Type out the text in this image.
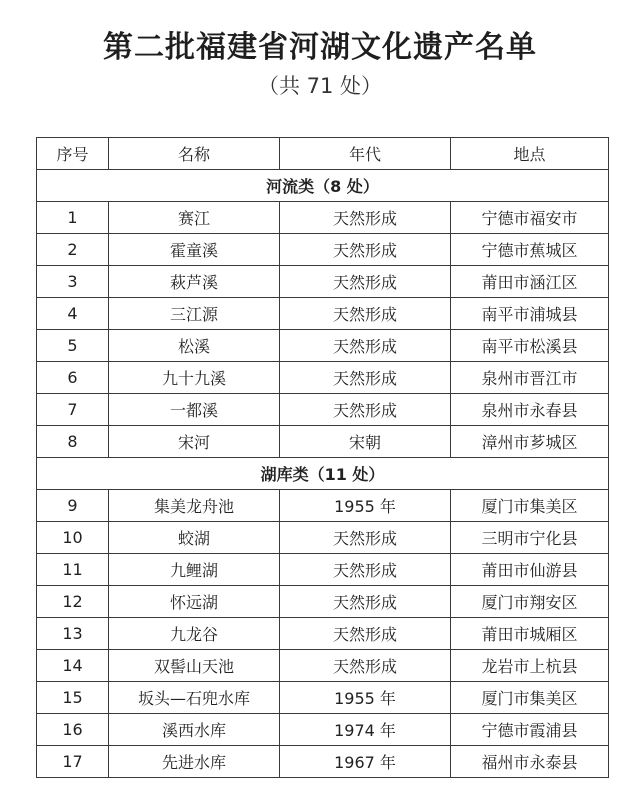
第二批福建省河湖文化遗产名单
（共 71 处）
序号	名称	年代	地点
河流类（8 处）			
1	赛江	天然形成	宁德市福安市
2	霍童溪	天然形成	宁德市蕉城区
3	萩芦溪	天然形成	莆田市涵江区
4	三江源	天然形成	南平市浦城县
5	松溪	天然形成	南平市松溪县
6	九十九溪	天然形成	泉州市晋江市
7	一都溪	天然形成	泉州市永春县
8	宋河	宋朝	漳州市芗城区
湖库类（11 处）			
9	集美龙舟池	1955 年	厦门市集美区
10	蛟湖	天然形成	三明市宁化县
11	九鲤湖	天然形成	莆田市仙游县
12	怀远湖	天然形成	厦门市翔安区
13	九龙谷	天然形成	莆田市城厢区
14	双髻山天池	天然形成	龙岩市上杭县
15	坂头—石兜水库	1955 年	厦门市集美区
16	溪西水库	1974 年	宁德市霞浦县
17	先进水库	1967 年	福州市永泰县
